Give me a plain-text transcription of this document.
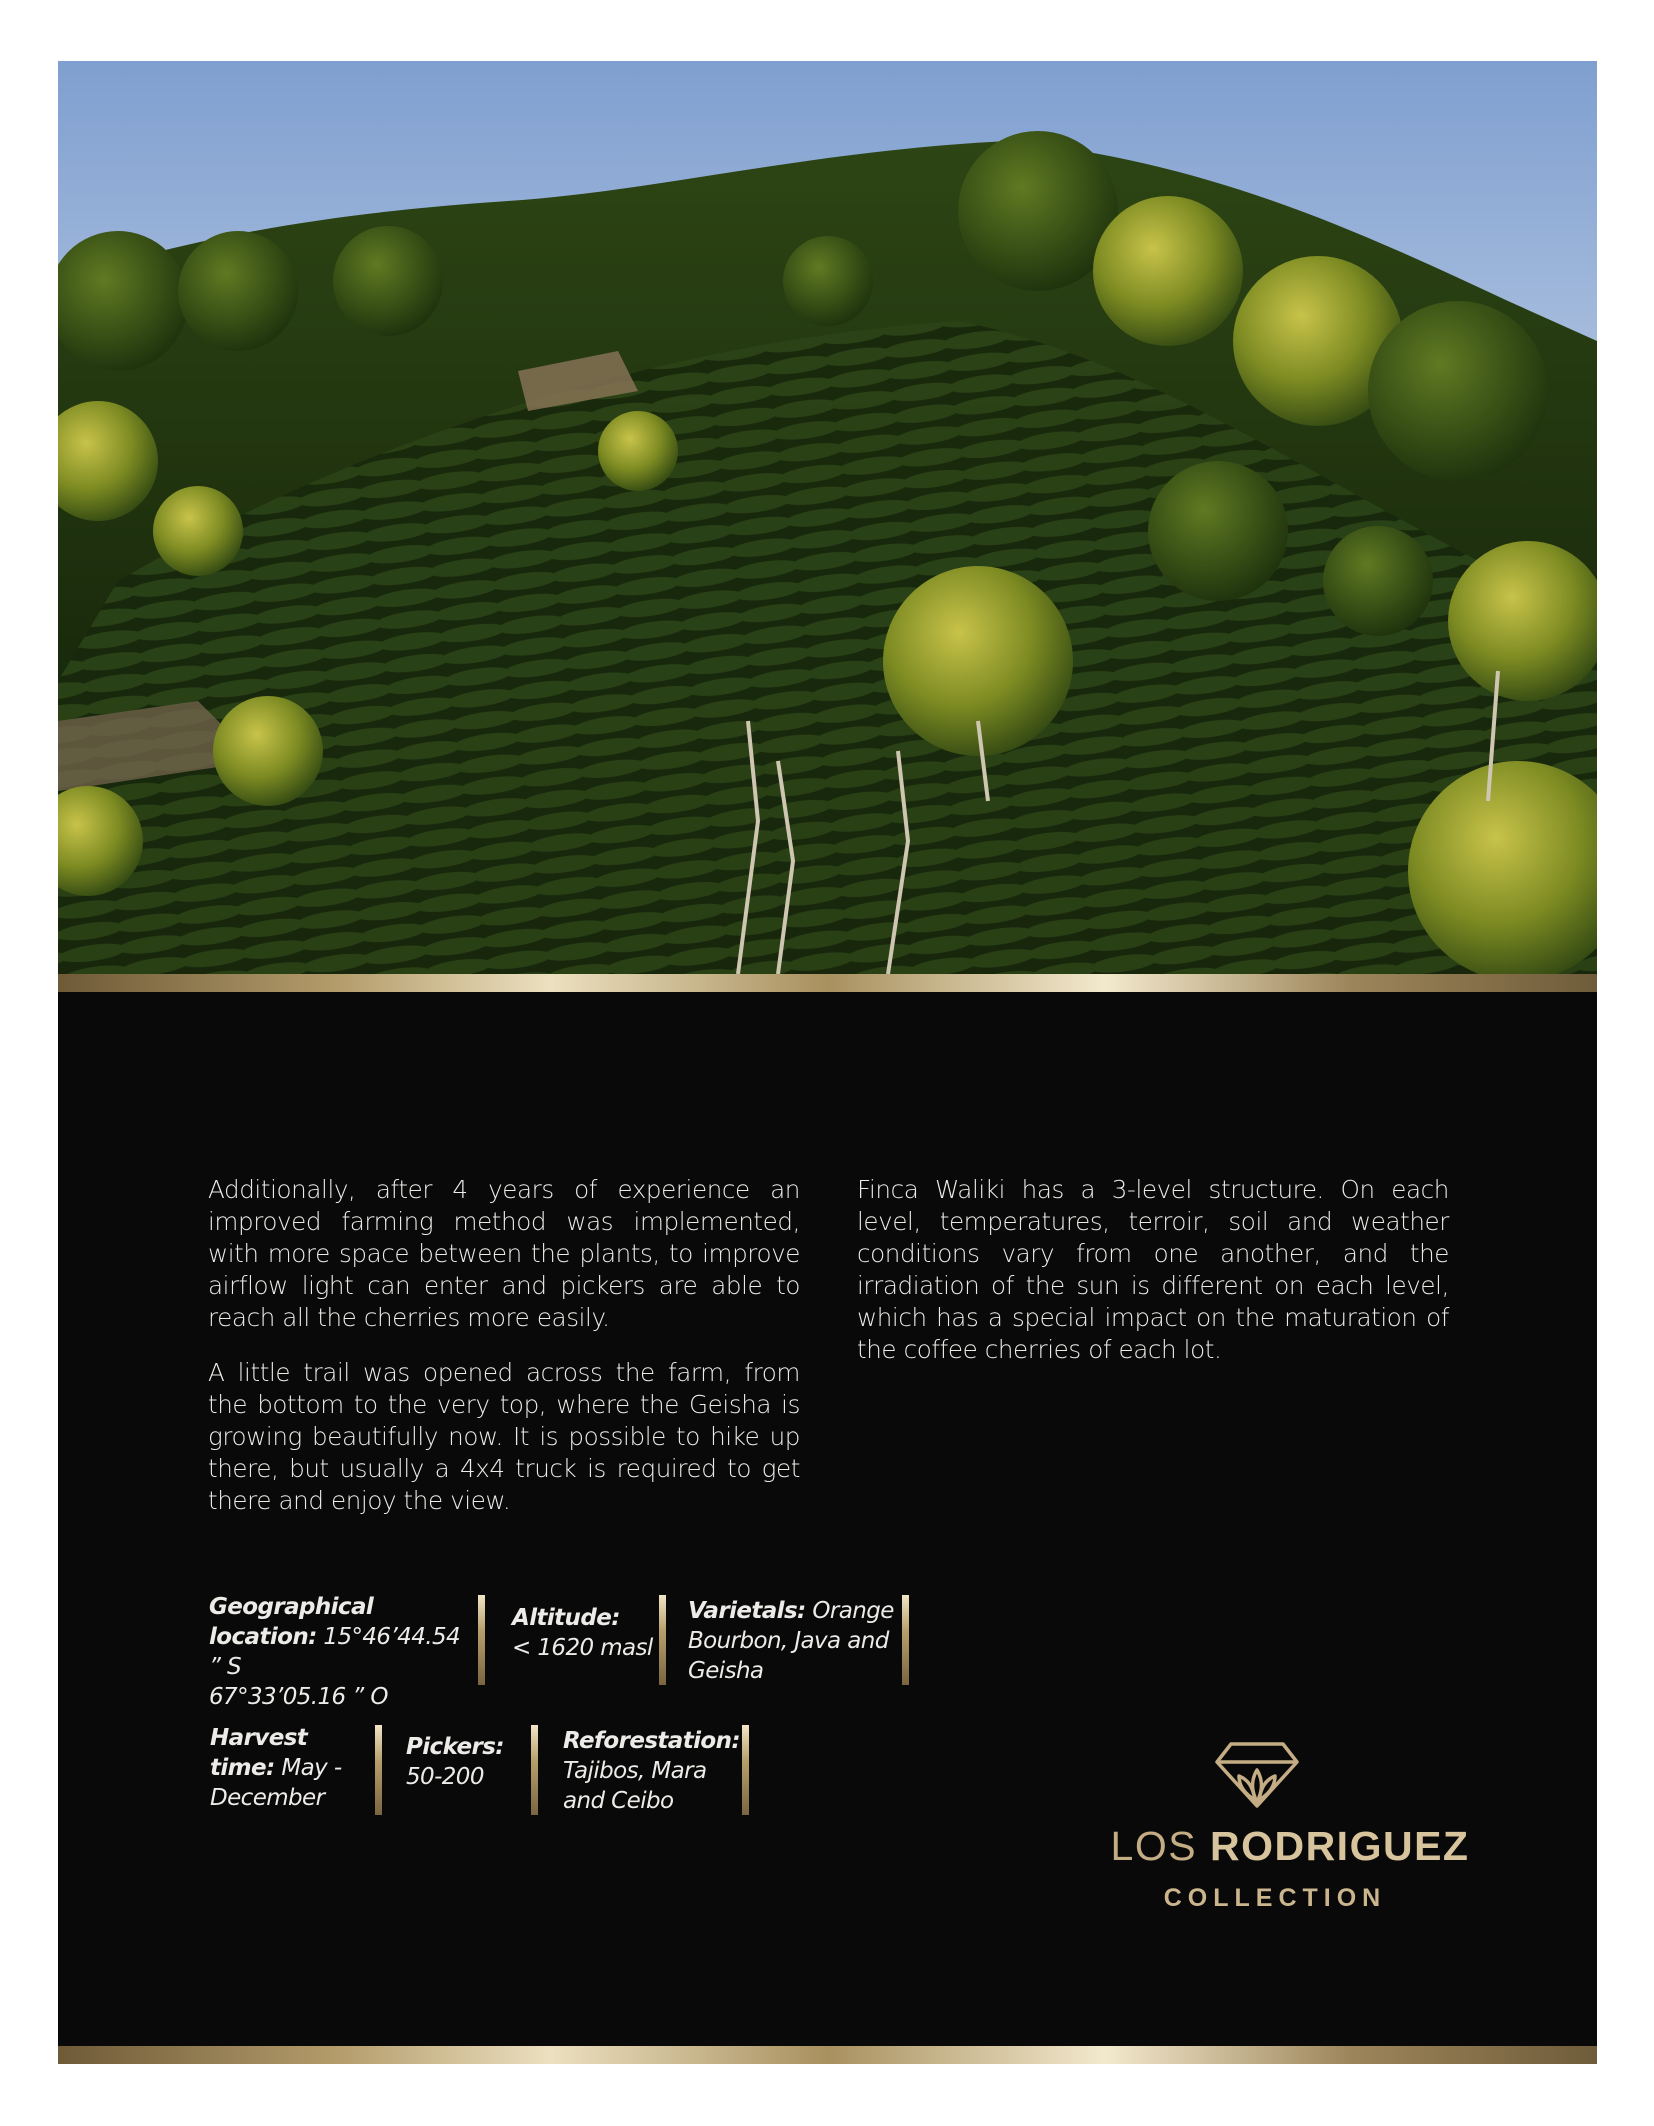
Additionally, after 4 years of experience an improved farming method was implemented, with more space between the plants, to improve airflow light can enter and pickers are able to reach all the cherries more easily.

A little trail was opened across the farm, from the bottom to the very top, where the Geisha is growing beautifully now. It is possible to hike up there, but usually a 4x4 truck is required to get there and enjoy the view.

Finca Waliki has a 3-level structure. On each level, temperatures, terroir, soil and weather conditions vary from one another, and the irradiation of the sun is different on each level, which has a special impact on the maturation of the coffee cherries of each lot.

Geographical
location: 15°46’44.54 ” S
67°33’05.16 ” O
Altitude:
< 1620 masl
Varietals: Orange
Bourbon, Java and
Geisha
Harvest
time: May -
December
Pickers:
50-200
Reforestation:
Tajibos, Mara
and Ceibo
LOS RODRIGUEZ
COLLECTION
